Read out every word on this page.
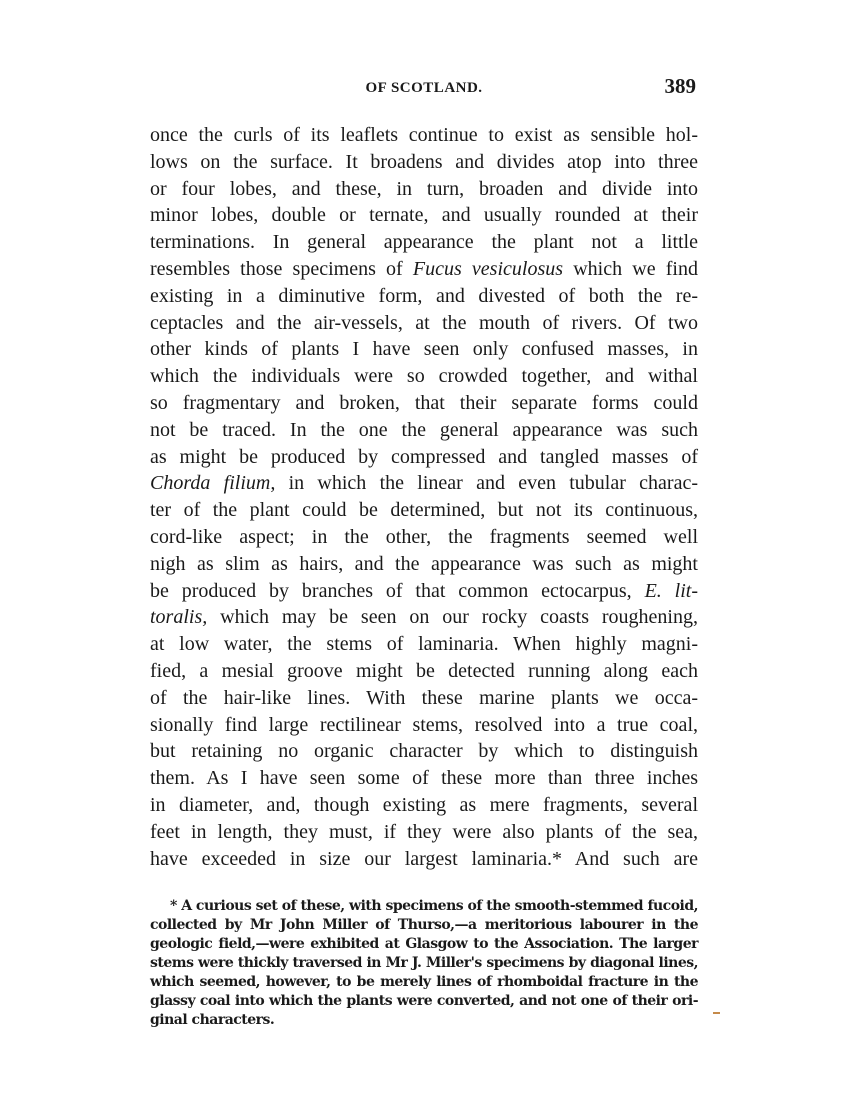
OF SCOTLAND.	389
once the curls of its leaflets continue to exist as sensible hol-
lows on the surface. It broadens and divides atop into three
or four lobes, and these, in turn, broaden and divide into
minor lobes, double or ternate, and usually rounded at their
terminations. In general appearance the plant not a little
resembles those specimens of Fucus vesiculosus which we find
existing in a diminutive form, and divested of both the re-
ceptacles and the air-vessels, at the mouth of rivers. Of two
other kinds of plants I have seen only confused masses, in
which the individuals were so crowded together, and withal
so fragmentary and broken, that their separate forms could
not be traced. In the one the general appearance was such
as might be produced by compressed and tangled masses of
Chorda filium, in which the linear and even tubular charac-
ter of the plant could be determined, but not its continuous,
cord-like aspect; in the other, the fragments seemed well
nigh as slim as hairs, and the appearance was such as might
be produced by branches of that common ectocarpus, E. lit-
toralis, which may be seen on our rocky coasts roughening,
at low water, the stems of laminaria. When highly magni-
fied, a mesial groove might be detected running along each
of the hair-like lines. With these marine plants we occa-
sionally find large rectilinear stems, resolved into a true coal,
but retaining no organic character by which to distinguish
them. As I have seen some of these more than three inches
in diameter, and, though existing as mere fragments, several
feet in length, they must, if they were also plants of the sea,
have exceeded in size our largest laminaria.* And such are
* A curious set of these, with specimens of the smooth-stemmed fucoid,
collected by Mr John Miller of Thurso,—a meritorious labourer in the
geologic field,—were exhibited at Glasgow to the Association. The larger
stems were thickly traversed in Mr J. Miller's specimens by diagonal lines,
which seemed, however, to be merely lines of rhomboidal fracture in the
glassy coal into which the plants were converted, and not one of their ori-
ginal characters.
